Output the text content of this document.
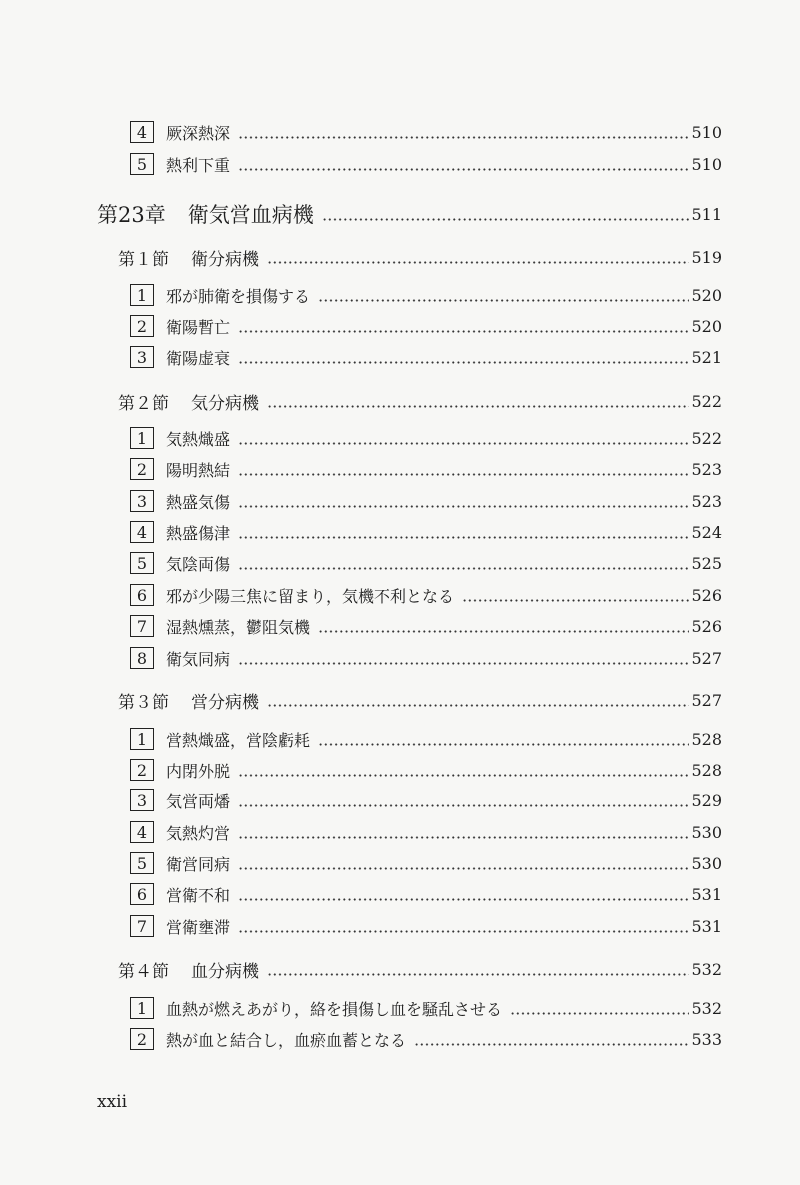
4	厥深熱深	510
5	熱利下重	510
第23章 衛気営血病機	511
第１節 衛分病機	519
1	邪が肺衛を損傷する	520
2	衛陽暫亡	520
3	衛陽虚衰	521
第２節 気分病機	522
1	気熱熾盛	522
2	陽明熱結	523
3	熱盛気傷	523
4	熱盛傷津	524
5	気陰両傷	525
6	邪が少陽三焦に留まり，気機不利となる	526
7	湿熱燻蒸，鬱阻気機	526
8	衛気同病	527
第３節 営分病機	527
1	営熱熾盛，営陰虧耗	528
2	内閉外脱	528
3	気営両燔	529
4	気熱灼営	530
5	衛営同病	530
6	営衛不和	531
7	営衛壅滞	531
第４節 血分病機	532
1	血熱が燃えあがり，絡を損傷し血を騒乱させる	532
2	熱が血と結合し，血瘀血蓄となる	533
xxii
